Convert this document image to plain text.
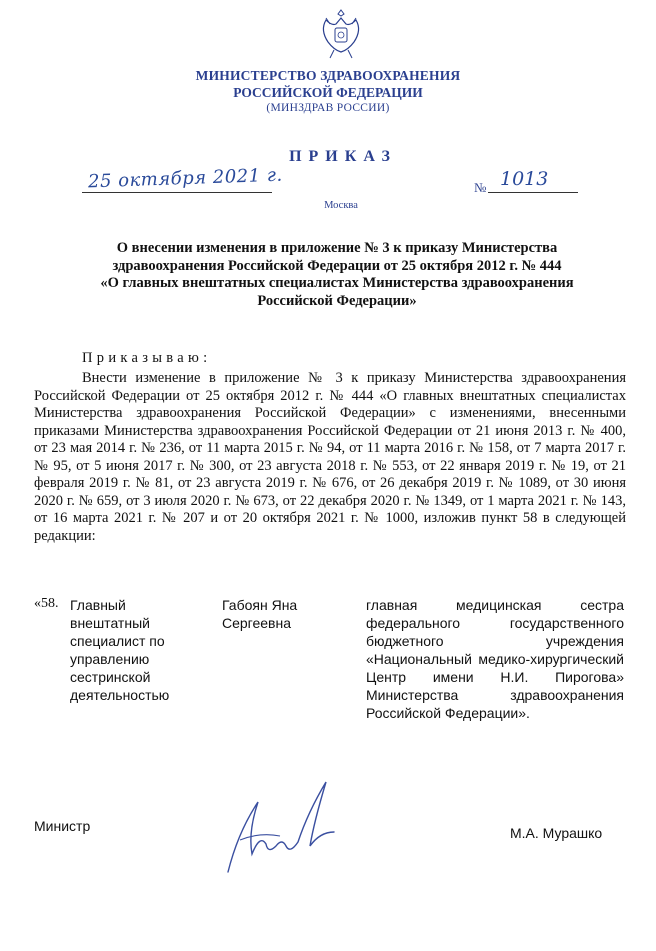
МИНИСТЕРСТВО ЗДРАВООХРАНЕНИЯ
РОССИЙСКОЙ ФЕДЕРАЦИИ
(МИНЗДРАВ РОССИИ)
ПРИКАЗ
25 октября 2021 г.	№ 1013
Москва
О внесении изменения в приложение № 3 к приказу Министерства
здравоохранения Российской Федерации от 25 октября 2012 г. № 444
«О главных внештатных специалистах Министерства здравоохранения
Российской Федерации»
Приказываю:

Внести изменение в приложение № 3 к приказу Министерства здравоохранения Российской Федерации от 25 октября 2012 г. № 444 «О главных внештатных специалистах Министерства здравоохранения Российской Федерации» с изменениями, внесенными приказами Министерства здравоохранения Российской Федерации от 21 июня 2013 г. № 400, от 23 мая 2014 г. № 236, от 11 марта 2015 г. № 94, от 11 марта 2016 г. № 158, от 7 марта 2017 г. № 95, от 5 июня 2017 г. № 300, от 23 августа 2018 г. № 553, от 22 января 2019 г. № 19, от 21 февраля 2019 г. № 81, от 23 августа 2019 г. № 676, от 26 декабря 2019 г. № 1089, от 30 июня 2020 г. № 659, от 3 июля 2020 г. № 673, от 22 декабря 2020 г. № 1349, от 1 марта 2021 г. № 143, от 16 марта 2021 г. № 207 и от 20 октября 2021 г. № 1000, изложив пункт 58 в следующей редакции:

«58. Главный внештатный специалист по управлению сестринской деятельностью
Габоян Яна Сергеевна
главная медицинская сестра федерального государственного бюджетного учреждения «Национальный медико-хирургический Центр имени Н.И. Пирогова» Министерства здравоохранения Российской Федерации».
Министр	М.А. Мурашко
